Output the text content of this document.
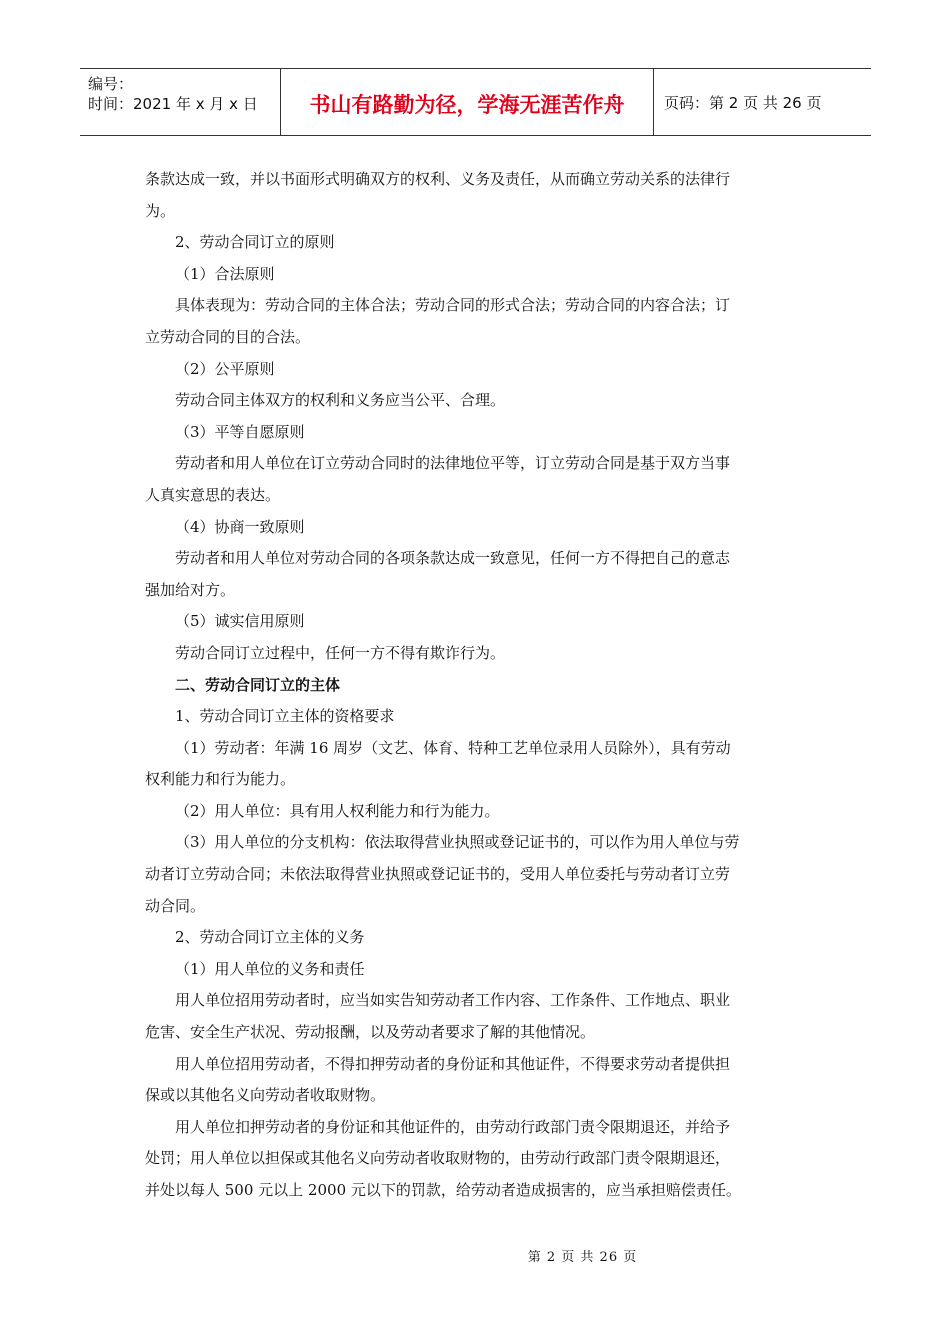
编号：
时间：2021 年 x 月 x 日	书山有路勤为径，学海无涯苦作舟	页码：第 2 页 共 26 页

条款达成一致，并以书面形式明确双方的权利、义务及责任，从而确立劳动关系的法律行

为。

2、劳动合同订立的原则

（1）合法原则

具体表现为：劳动合同的主体合法；劳动合同的形式合法；劳动合同的内容合法；订

立劳动合同的目的合法。

（2）公平原则

劳动合同主体双方的权利和义务应当公平、合理。

（3）平等自愿原则

劳动者和用人单位在订立劳动合同时的法律地位平等，订立劳动合同是基于双方当事

人真实意思的表达。

（4）协商一致原则

劳动者和用人单位对劳动合同的各项条款达成一致意见，任何一方不得把自己的意志

强加给对方。

（5）诚实信用原则

劳动合同订立过程中，任何一方不得有欺诈行为。

二、劳动合同订立的主体

1、劳动合同订立主体的资格要求

（1）劳动者：年满 16 周岁（文艺、体育、特种工艺单位录用人员除外），具有劳动

权利能力和行为能力。

（2）用人单位：具有用人权利能力和行为能力。

（3）用人单位的分支机构：依法取得营业执照或登记证书的，可以作为用人单位与劳

动者订立劳动合同；未依法取得营业执照或登记证书的，受用人单位委托与劳动者订立劳

动合同。

2、劳动合同订立主体的义务

（1）用人单位的义务和责任

用人单位招用劳动者时，应当如实告知劳动者工作内容、工作条件、工作地点、职业

危害、安全生产状况、劳动报酬，以及劳动者要求了解的其他情况。

用人单位招用劳动者，不得扣押劳动者的身份证和其他证件，不得要求劳动者提供担

保或以其他名义向劳动者收取财物。

用人单位扣押劳动者的身份证和其他证件的，由劳动行政部门责令限期退还，并给予

处罚；用人单位以担保或其他名义向劳动者收取财物的，由劳动行政部门责令限期退还，

并处以每人 500 元以上 2000 元以下的罚款，给劳动者造成损害的，应当承担赔偿责任。

第 2 页 共 26 页
